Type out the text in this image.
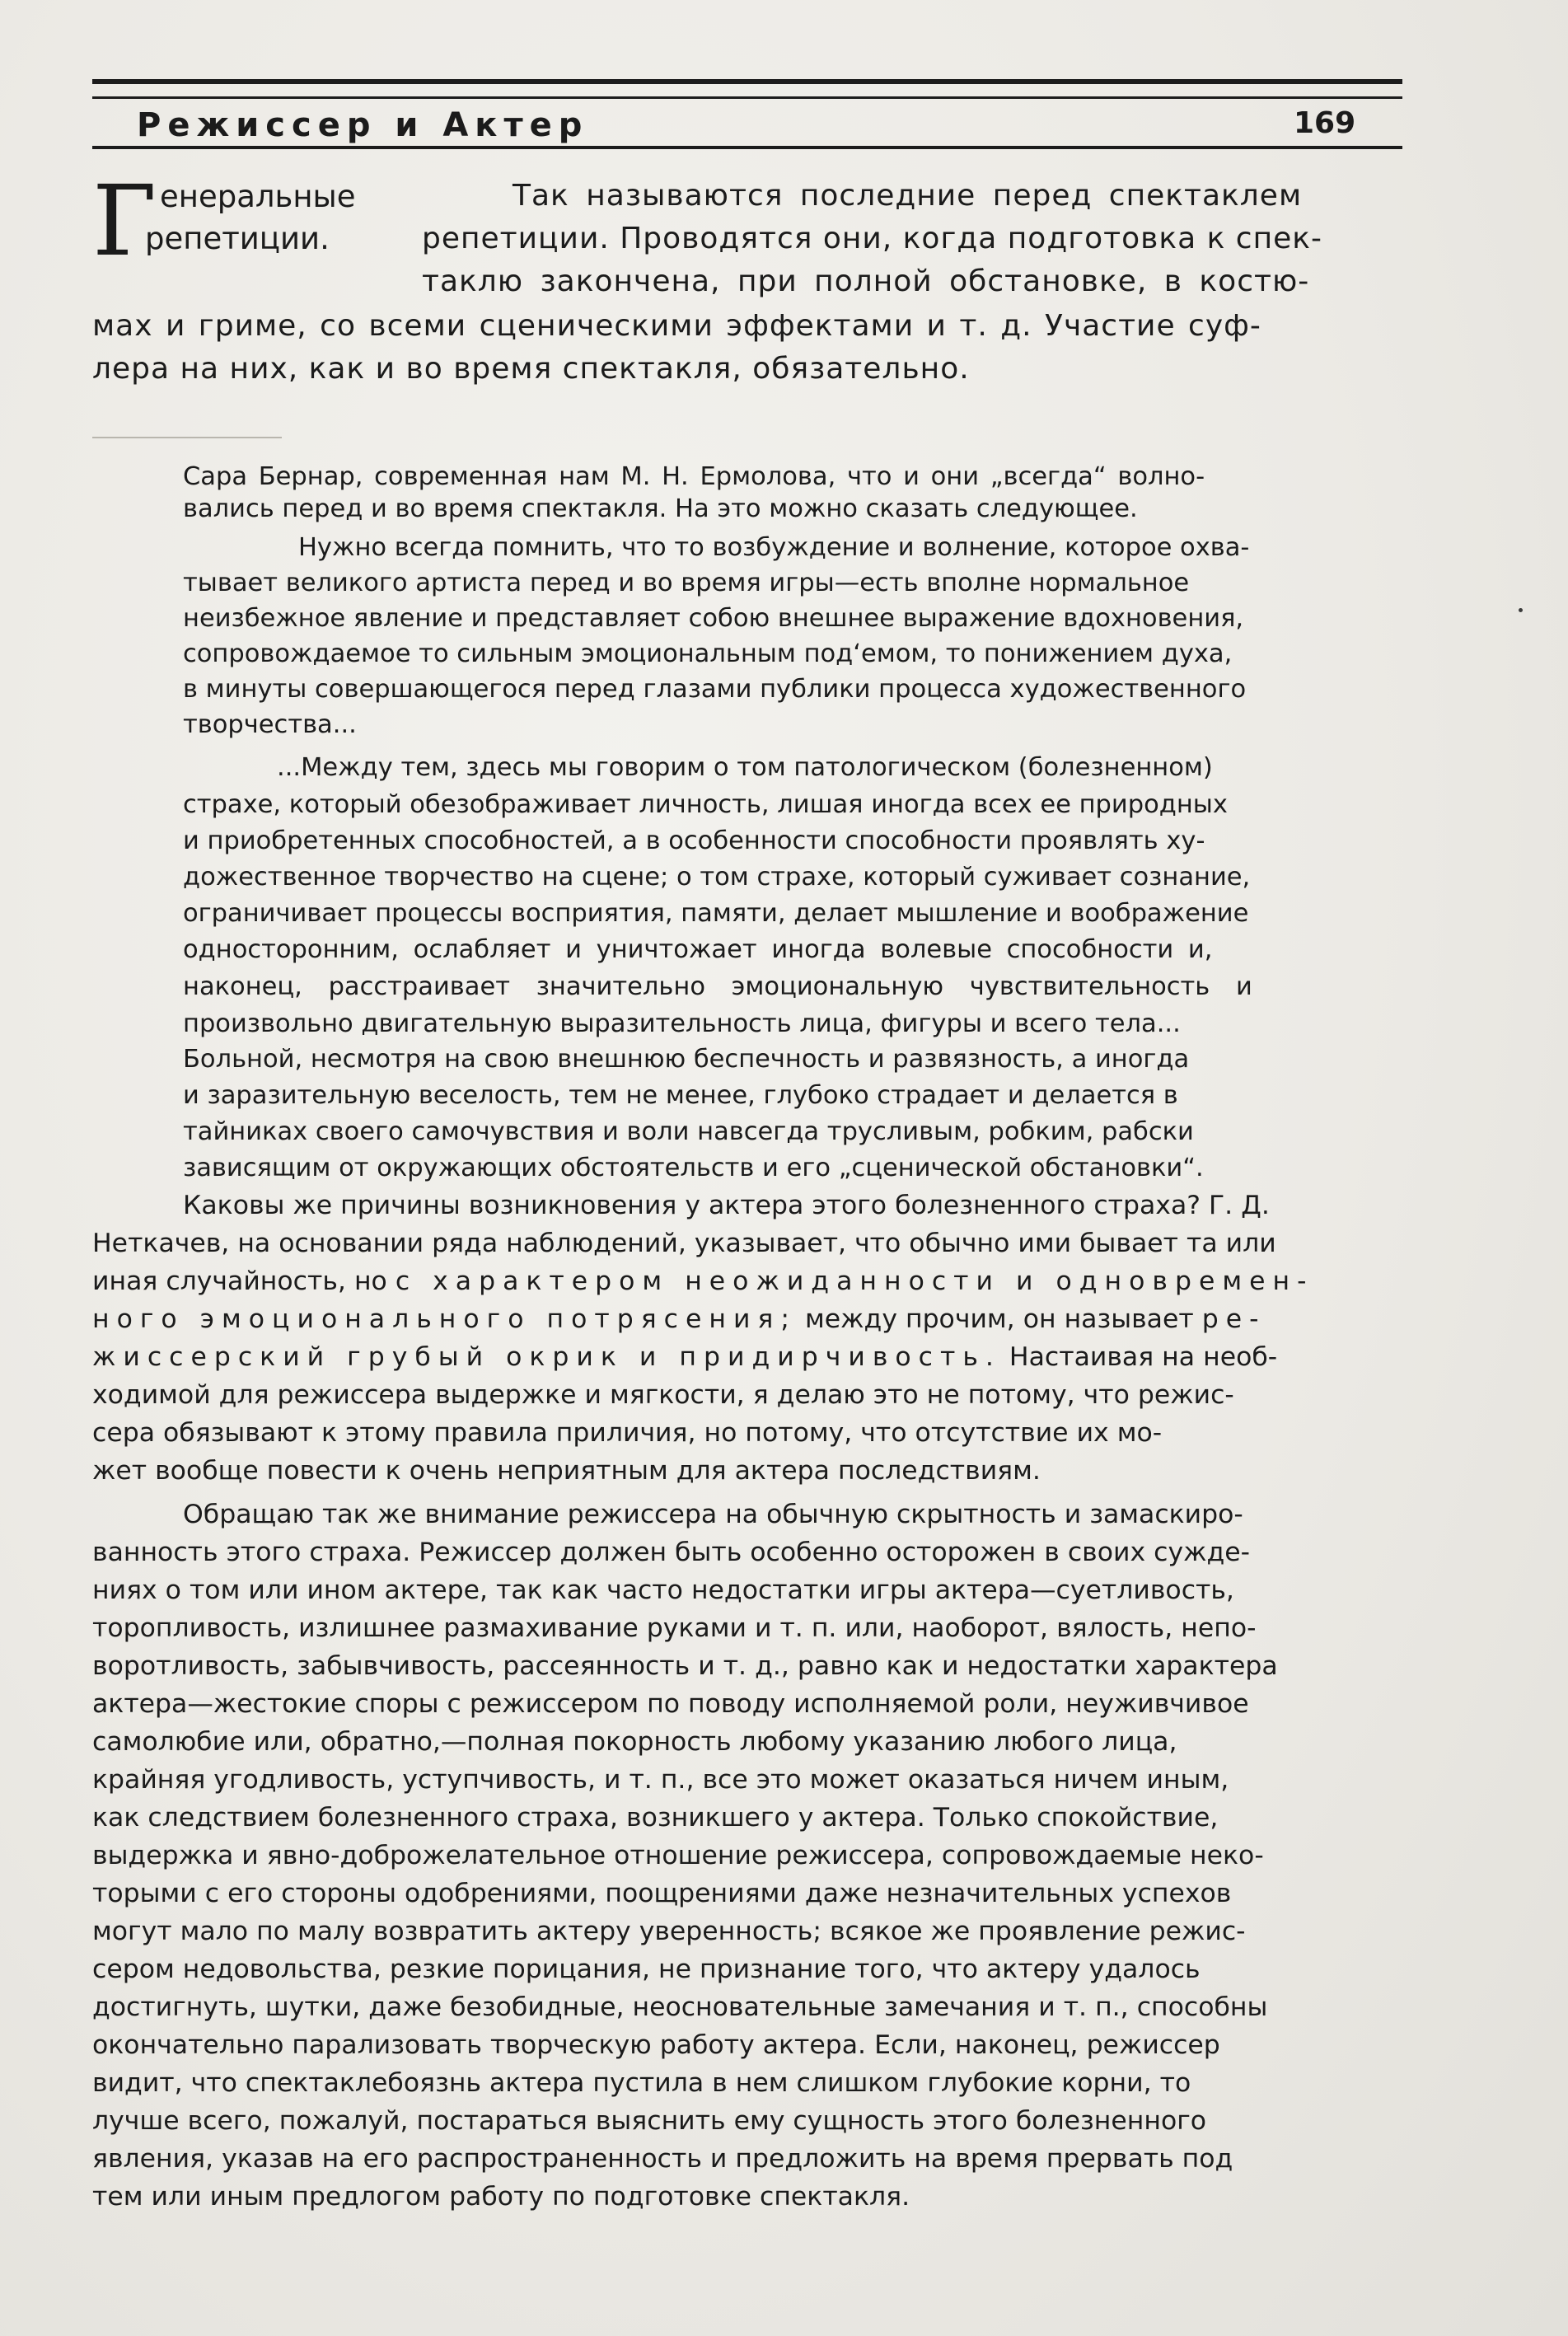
Режиссер и Актер	169
Г енеральные
репетиции.
Так называются последние перед спектаклем
репетиции. Проводятся они, когда подготовка к спек-
таклю закончена, при полной обстановке, в костю-
мах и гриме, со всеми сценическими эффектами и т. д. Участие суф-
лера на них, как и во время спектакля, обязательно.
Сара Бернар, современная нам М. Н. Ермолова, что и они „всегда“ волно-
вались перед и во время спектакля. На это можно сказать следующее.
Нужно всегда помнить, что то возбуждение и волнение, которое охва-
тывает великого артиста перед и во время игры—есть вполне нормальное
неизбежное явление и представляет собою внешнее выражение вдохновения,
сопровождаемое то сильным эмоциональным под‘емом, то понижением духа,
в минуты совершающегося перед глазами публики процесса художественного
творчества...
...Между тем, здесь мы говорим о том патологическом (болезненном)
страхе, который обезображивает личность, лишая иногда всех ее природных
и приобретенных способностей, а в особенности способности проявлять ху-
дожественное творчество на сцене; о том страхе, который суживает сознание,
ограничивает процессы восприятия, памяти, делает мышление и воображение
односторонним, ослабляет и уничтожает иногда волевые способности и,
наконец, расстраивает значительно эмоциональную чувствительность и
произвольно двигательную выразительность лица, фигуры и всего тела...
Больной, несмотря на свою внешнюю беспечность и развязность, а иногда
и заразительную веселость, тем не менее, глубоко страдает и делается в
тайниках своего самочувствия и воли навсегда трусливым, робким, рабски
зависящим от окружающих обстоятельств и его „сценической обстановки“.
Каковы же причины возникновения у актера этого болезненного страха? Г. Д.
Неткачев, на основании ряда наблюдений, указывает, что обычно ими бывает та или
иная случайность, но с характером неожиданности и одновремен-
ного эмоционального потрясения; между прочим, он называет ре-
жиссерский грубый окрик и придирчивость. Настаивая на необ-
ходимой для режиссера выдержке и мягкости, я делаю это не потому, что режис-
сера обязывают к этому правила приличия, но потому, что отсутствие их мо-
жет вообще повести к очень неприятным для актера последствиям.
Обращаю так же внимание режиссера на обычную скрытность и замаскиро-
ванность этого страха. Режиссер должен быть особенно осторожен в своих сужде-
ниях о том или ином актере, так как часто недостатки игры актера—суетливость,
торопливость, излишнее размахивание руками и т. п. или, наоборот, вялость, непо-
воротливость, забывчивость, рассеянность и т. д., равно как и недостатки характера
актера—жестокие споры с режиссером по поводу исполняемой роли, неуживчивое
самолюбие или, обратно,—полная покорность любому указанию любого лица,
крайняя угодливость, уступчивость, и т. п., все это может оказаться ничем иным,
как следствием болезненного страха, возникшего у актера. Только спокойствие,
выдержка и явно-доброжелательное отношение режиссера, сопровождаемые неко-
торыми с его стороны одобрениями, поощрениями даже незначительных успехов
могут мало по малу возвратить актеру уверенность; всякое же проявление режис-
сером недовольства, резкие порицания, не признание того, что актеру удалось
достигнуть, шутки, даже безобидные, неосновательные замечания и т. п., способны
окончательно парализовать творческую работу актера. Если, наконец, режиссер
видит, что спектаклебоязнь актера пустила в нем слишком глубокие корни, то
лучше всего, пожалуй, постараться выяснить ему сущность этого болезненного
явления, указав на его распространенность и предложить на время прервать под
тем или иным предлогом работу по подготовке спектакля.
